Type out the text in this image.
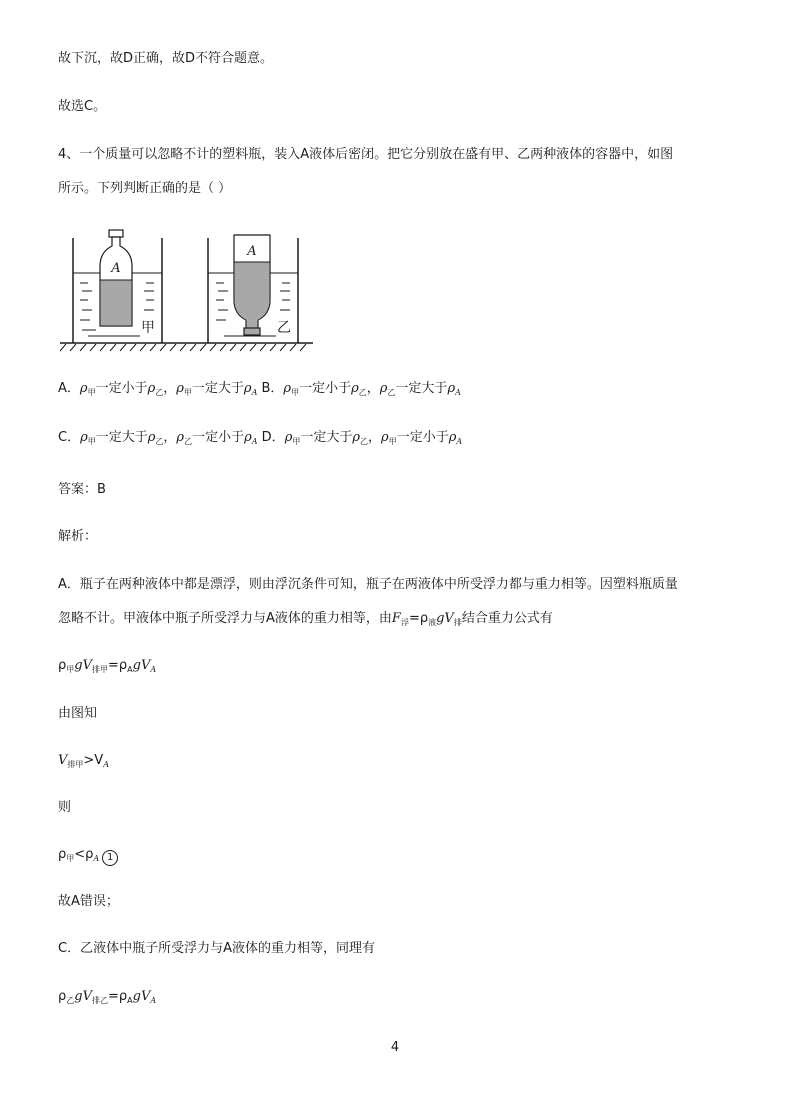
故下沉，故D正确，故D不符合题意。
故选C。
4、一个质量可以忽略不计的塑料瓶，装入A液体后密闭。把它分别放在盛有甲、乙两种液体的容器中，如图
所示。下列判断正确的是（ ）
A
甲
A
乙
A．$\rho_甲$一定小于$\rho_乙$，$\rho_甲$一定大于$\rho_A$ B．$\rho_甲$一定小于$\rho_乙$，$\rho_乙$一定大于$\rho_A$
C．$\rho_甲$一定大于$\rho_乙$，$\rho_乙$一定小于$\rho_A$ D．$\rho_甲$一定大于$\rho_乙$，$\rho_甲$一定小于$\rho_A$
答案：B
解析：
A．瓶子在两种液体中都是漂浮，则由浮沉条件可知，瓶子在两液体中所受浮力都与重力相等。因塑料瓶质量
忽略不计。甲液体中瓶子所受浮力与A液体的重力相等，由$F_浮=\rho_液gV_排$结合重力公式有
$\rho_甲gV_{排甲}=\rho_AgV_A$
由图知
$V_{排甲}>V_A$
则
$\rho_甲<\rho_A$ 1
故A错误；
C．乙液体中瓶子所受浮力与A液体的重力相等，同理有
$\rho_乙gV_{排乙}=\rho_AgV_A$
4
